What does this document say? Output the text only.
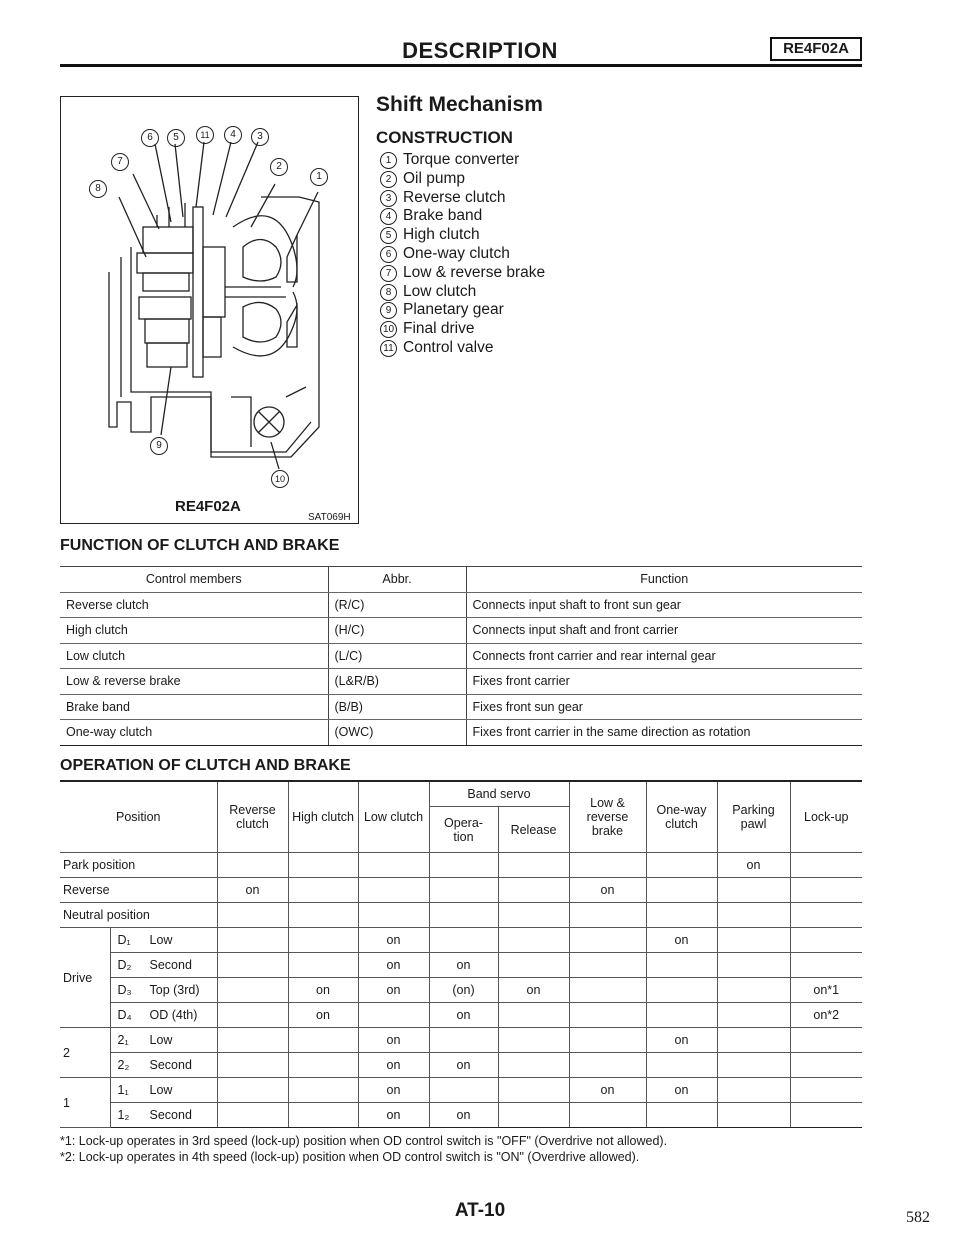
DESCRIPTION	RE4F02A
6	5	11	4	3
7
8
2
1
9
10
RE4F02A
SAT069H
Shift Mechanism
CONSTRUCTION
1 Torque converter
2 Oil pump
3 Reverse clutch
4 Brake band
5 High clutch
6 One-way clutch
7 Low & reverse brake
8 Low clutch
9 Planetary gear
10 Final drive
11 Control valve
FUNCTION OF CLUTCH AND BRAKE
Control members	Abbr.	Function
Reverse clutch	(R/C)	Connects input shaft to front sun gear
High clutch	(H/C)	Connects input shaft and front carrier
Low clutch	(L/C)	Connects front carrier and rear internal gear
Low & reverse brake	(L&R/B)	Fixes front carrier
Brake band	(B/B)	Fixes front sun gear
One-way clutch	(OWC)	Fixes front carrier in the same direction as rotation
OPERATION OF CLUTCH AND BRAKE
Position		Reverse clutch	High clutch	Low clutch	Band servo		Low & reverse brake	One-way clutch	Parking pawl	Lock-up
					Opera- tion	Release				
Park position									on	
Reverse		on					on			
Neutral position										
Drive	D₁ Low			on				on		
	D₂ Second			on	on					
	D₃ Top (3rd)		on	on	(on)	on				on*1
	D₄ OD (4th)		on		on					on*2
2	2₁ Low			on				on		
	2₂ Second			on	on					
1	1₁ Low			on			on	on		
	1₂ Second			on	on					
*1: Lock-up operates in 3rd speed (lock-up) position when OD control switch is "OFF" (Overdrive not allowed).
*2: Lock-up operates in 4th speed (lock-up) position when OD control switch is "ON" (Overdrive allowed).
AT-10	582
